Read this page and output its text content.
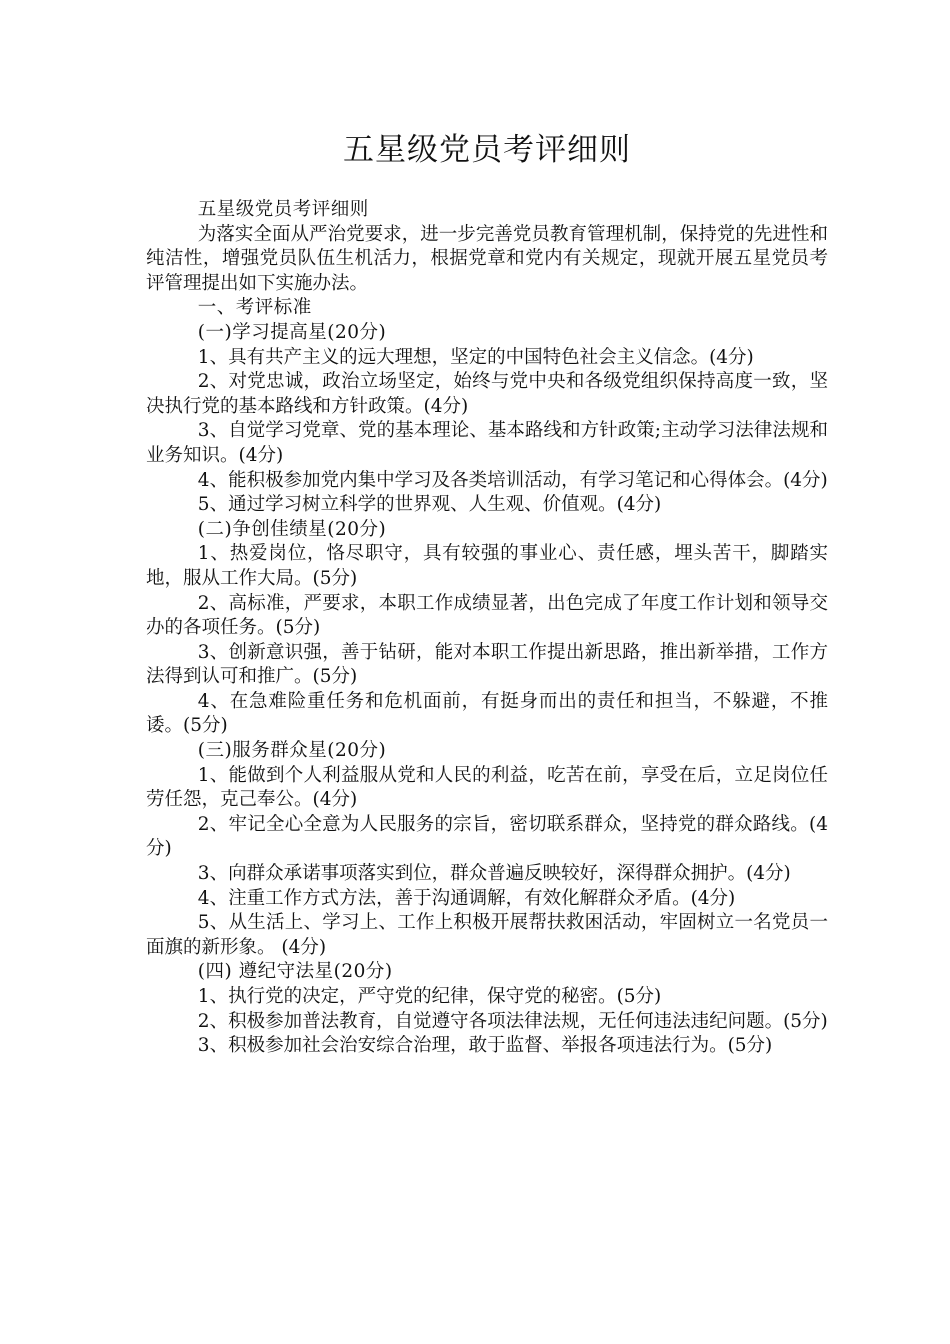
五星级党员考评细则

五星级党员考评细则

为落实全面从严治党要求，进一步完善党员教育管理机制，保持党的先进性和纯洁性，增强党员队伍生机活力，根据党章和党内有关规定，现就开展五星党员考评管理提出如下实施办法。

一、考评标准

(一)学习提高星(20分)

1、具有共产主义的远大理想，坚定的中国特色社会主义信念。(4分)

2、对党忠诚，政治立场坚定，始终与党中央和各级党组织保持高度一致，坚决执行党的基本路线和方针政策。(4分)

3、自觉学习党章、党的基本理论、基本路线和方针政策;主动学习法律法规和业务知识。(4分)

4、能积极参加党内集中学习及各类培训活动，有学习笔记和心得体会。(4分)

5、通过学习树立科学的世界观、人生观、价值观。(4分)

(二)争创佳绩星(20分)

1、热爱岗位，恪尽职守，具有较强的事业心、责任感，埋头苦干，脚踏实地，服从工作大局。(5分)

2、高标准，严要求，本职工作成绩显著，出色完成了年度工作计划和领导交办的各项任务。(5分)

3、创新意识强，善于钻研，能对本职工作提出新思路，推出新举措，工作方法得到认可和推广。(5分)

4、在急难险重任务和危机面前，有挺身而出的责任和担当，不躲避，不推诿。(5分)

(三)服务群众星(20分)

1、能做到个人利益服从党和人民的利益，吃苦在前，享受在后，立足岗位任劳任怨，克己奉公。(4分)

2、牢记全心全意为人民服务的宗旨，密切联系群众，坚持党的群众路线。(4分)

3、向群众承诺事项落实到位，群众普遍反映较好，深得群众拥护。(4分)

4、注重工作方式方法，善于沟通调解，有效化解群众矛盾。(4分)

5、从生活上、学习上、工作上积极开展帮扶救困活动，牢固树立一名党员一面旗的新形象。 (4分)

(四) 遵纪守法星(20分)

1、执行党的决定，严守党的纪律，保守党的秘密。(5分)

2、积极参加普法教育，自觉遵守各项法律法规，无任何违法违纪问题。(5分)

3、积极参加社会治安综合治理，敢于监督、举报各项违法行为。(5分)
